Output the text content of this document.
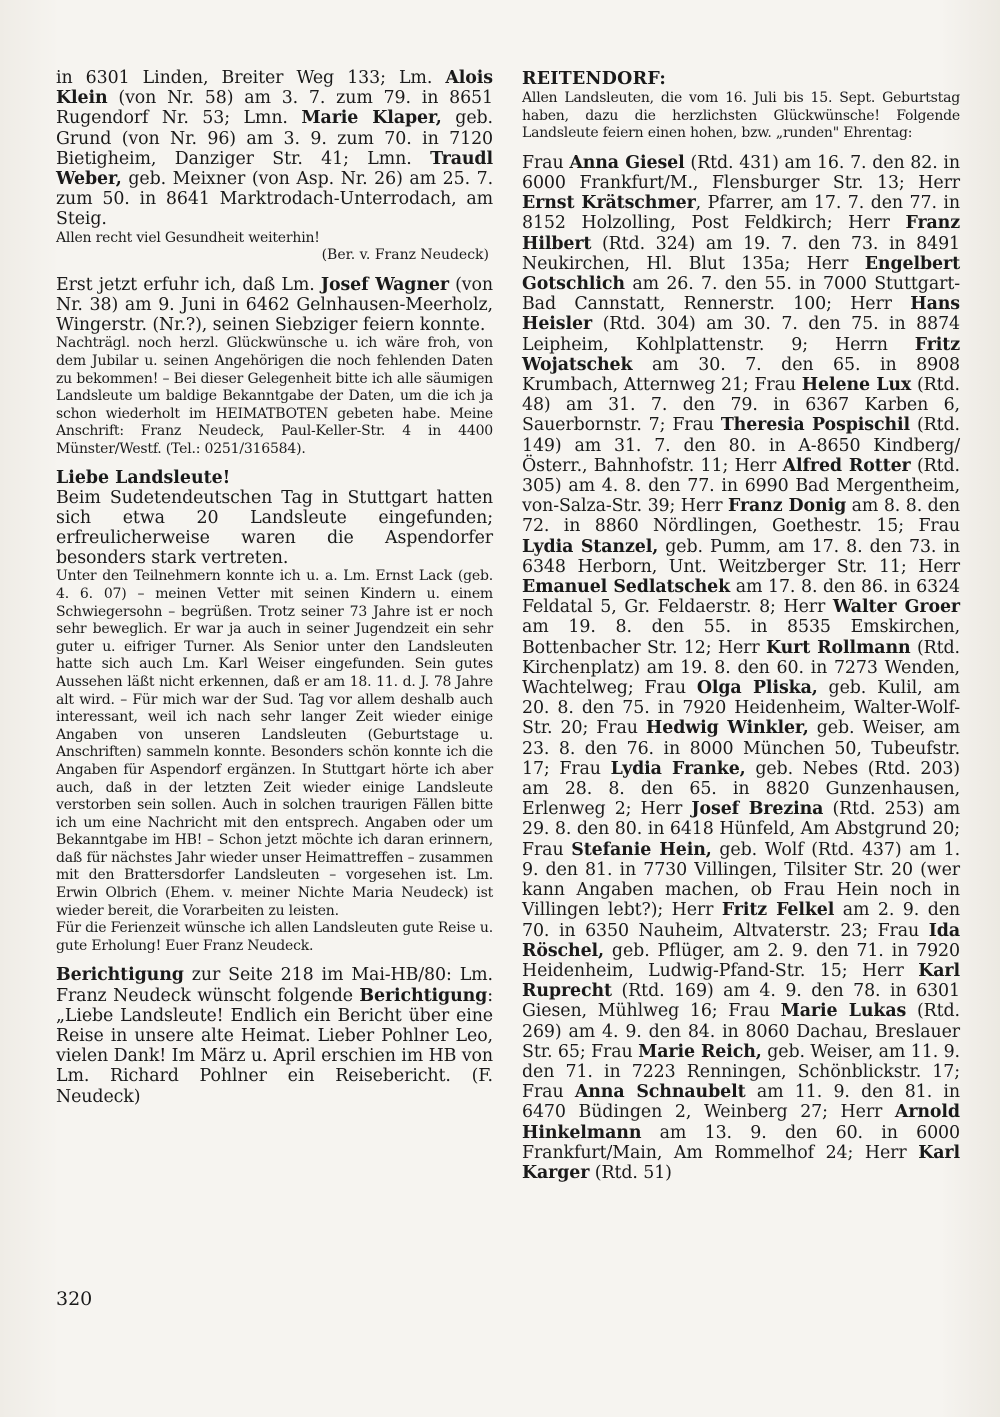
in 6301 Linden, Breiter Weg 133; Lm. Alois Klein (von Nr. 58) am 3. 7. zum 79. in 8651 Rugendorf Nr. 53; Lmn. Marie Klaper, geb. Grund (von Nr. 96) am 3. 9. zum 70. in 7120 Bietigheim, Danziger Str. 41; Lmn. Traudl Weber, geb. Meixner (von Asp. Nr. 26) am 25. 7. zum 50. in 8641 Marktrodach-Unterrodach, am Steig.

Allen recht viel Gesundheit weiterhin!

(Ber. v. Franz Neudeck)

Erst jetzt erfuhr ich, daß Lm. Josef Wagner (von Nr. 38) am 9. Juni in 6462 Gelnhausen-Meerholz, Wingerstr. (Nr.?), seinen Siebziger feiern konnte.

Nachträgl. noch herzl. Glückwünsche u. ich wäre froh, von dem Jubilar u. seinen Angehörigen die noch fehlenden Daten zu bekommen! – Bei dieser Gelegenheit bitte ich alle säumigen Landsleute um baldige Bekanntgabe der Daten, um die ich ja schon wiederholt im HEIMATBOTEN gebeten habe. Meine Anschrift: Franz Neudeck, Paul-Keller-Str. 4 in 4400 Münster/Westf. (Tel.: 0251/316584).

Liebe Landsleute!

Beim Sudetendeutschen Tag in Stuttgart hatten sich etwa 20 Landsleute eingefunden; erfreulicherweise waren die Aspendorfer besonders stark vertreten.

Unter den Teilnehmern konnte ich u. a. Lm. Ernst Lack (geb. 4. 6. 07) – meinen Vetter mit seinen Kindern u. einem Schwiegersohn – begrüßen. Trotz seiner 73 Jahre ist er noch sehr beweglich. Er war ja auch in seiner Jugendzeit ein sehr guter u. eifriger Turner. Als Senior unter den Landsleuten hatte sich auch Lm. Karl Weiser eingefunden. Sein gutes Aussehen läßt nicht erkennen, daß er am 18. 11. d. J. 78 Jahre alt wird. – Für mich war der Sud. Tag vor allem deshalb auch interessant, weil ich nach sehr langer Zeit wieder einige Angaben von unseren Landsleuten (Geburtstage u. Anschriften) sammeln konnte. Besonders schön konnte ich die Angaben für Aspendorf ergänzen. In Stuttgart hörte ich aber auch, daß in der letzten Zeit wieder einige Landsleute verstorben sein sollen. Auch in solchen traurigen Fällen bitte ich um eine Nachricht mit den entsprech. Angaben oder um Bekanntgabe im HB! – Schon jetzt möchte ich daran erinnern, daß für nächstes Jahr wieder unser Heimattreffen – zusammen mit den Brattersdorfer Landsleuten – vorgesehen ist. Lm. Erwin Olbrich (Ehem. v. meiner Nichte Maria Neudeck) ist wieder bereit, die Vorarbeiten zu leisten.

Für die Ferienzeit wünsche ich allen Landsleuten gute Reise u. gute Erholung! Euer Franz Neudeck.

Berichtigung zur Seite 218 im Mai-HB/80: Lm. Franz Neudeck wünscht folgende Berichtigung: „Liebe Landsleute! Endlich ein Bericht über eine Reise in unsere alte Heimat. Lieber Pohlner Leo, vielen Dank! Im März u. April erschien im HB von Lm. Richard Pohlner ein Reisebericht. (F. Neudeck)

REITENDORF:

Allen Landsleuten, die vom 16. Juli bis 15. Sept. Geburtstag haben, dazu die herzlichsten Glückwünsche! Folgende Landsleute feiern einen hohen, bzw. „runden" Ehrentag:

Frau Anna Giesel (Rtd. 431) am 16. 7. den 82. in 6000 Frankfurt/M., Flensburger Str. 13; Herr Ernst Krätschmer, Pfarrer, am 17. 7. den 77. in 8152 Holzolling, Post Feldkirch; Herr Franz Hilbert (Rtd. 324) am 19. 7. den 73. in 8491 Neukirchen, Hl. Blut 135a; Herr Engelbert Gotschlich am 26. 7. den 55. in 7000 Stuttgart-Bad Cannstatt, Rennerstr. 100; Herr Hans Heisler (Rtd. 304) am 30. 7. den 75. in 8874 Leipheim, Kohlplattenstr. 9; Herrn Fritz Wojatschek am 30. 7. den 65. in 8908 Krumbach, Atternweg 21; Frau Helene Lux (Rtd. 48) am 31. 7. den 79. in 6367 Karben 6, Sauerbornstr. 7; Frau Theresia Pospischil (Rtd. 149) am 31. 7. den 80. in A-8650 Kindberg/Österr., Bahnhofstr. 11; Herr Alfred Rotter (Rtd. 305) am 4. 8. den 77. in 6990 Bad Mergentheim, von-Salza-Str. 39; Herr Franz Donig am 8. 8. den 72. in 8860 Nördlingen, Goethestr. 15; Frau Lydia Stanzel, geb. Pumm, am 17. 8. den 73. in 6348 Herborn, Unt. Weitzberger Str. 11; Herr Emanuel Sedlatschek am 17. 8. den 86. in 6324 Feldatal 5, Gr. Feldaerstr. 8; Herr Walter Groer am 19. 8. den 55. in 8535 Emskirchen, Bottenbacher Str. 12; Herr Kurt Rollmann (Rtd. Kirchenplatz) am 19. 8. den 60. in 7273 Wenden, Wachtelweg; Frau Olga Pliska, geb. Kulil, am 20. 8. den 75. in 7920 Heidenheim, Walter-Wolf-Str. 20; Frau Hedwig Winkler, geb. Weiser, am 23. 8. den 76. in 8000 München 50, Tubeufstr. 17; Frau Lydia Franke, geb. Nebes (Rtd. 203) am 28. 8. den 65. in 8820 Gunzenhausen, Erlenweg 2; Herr Josef Brezina (Rtd. 253) am 29. 8. den 80. in 6418 Hünfeld, Am Abstgrund 20; Frau Stefanie Hein, geb. Wolf (Rtd. 437) am 1. 9. den 81. in 7730 Villingen, Tilsiter Str. 20 (wer kann Angaben machen, ob Frau Hein noch in Villingen lebt?); Herr Fritz Felkel am 2. 9. den 70. in 6350 Nauheim, Altvaterstr. 23; Frau Ida Röschel, geb. Pflüger, am 2. 9. den 71. in 7920 Heidenheim, Ludwig-Pfand-Str. 15; Herr Karl Ruprecht (Rtd. 169) am 4. 9. den 78. in 6301 Giesen, Mühlweg 16; Frau Marie Lukas (Rtd. 269) am 4. 9. den 84. in 8060 Dachau, Breslauer Str. 65; Frau Marie Reich, geb. Weiser, am 11. 9. den 71. in 7223 Renningen, Schönblickstr. 17; Frau Anna Schnaubelt am 11. 9. den 81. in 6470 Büdingen 2, Weinberg 27; Herr Arnold Hinkelmann am 13. 9. den 60. in 6000 Frankfurt/Main, Am Rommelhof 24; Herr Karl Karger (Rtd. 51)

320
